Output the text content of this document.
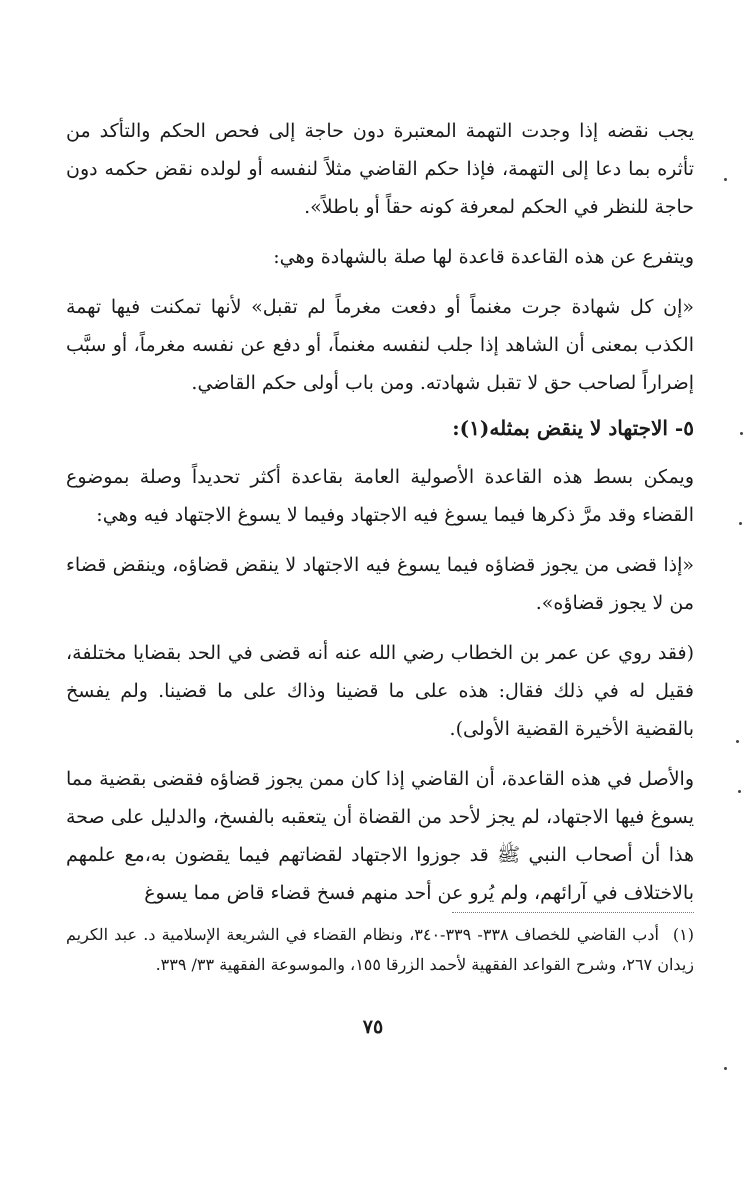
يجب نقضه إذا وجدت التهمة المعتبرة دون حاجة إلى فحص الحكم والتأكد من تأثره بما دعا إلى التهمة، فإذا حكم القاضي مثلاً لنفسه أو لولده نقض حكمه دون حاجة للنظر في الحكم لمعرفة كونه حقاً أو باطلاً».

ويتفرع عن هذه القاعدة قاعدة لها صلة بالشهادة وهي:

«إن كل شهادة جرت مغنماً أو دفعت مغرماً لم تقبل» لأنها تمكنت فيها تهمة الكذب بمعنى أن الشاهد إذا جلب لنفسه مغنماً، أو دفع عن نفسه مغرماً، أو سبَّب إضراراً لصاحب حق لا تقبل شهادته. ومن باب أولى حكم القاضي.

٥- الاجتهاد لا ينقض بمثله(١):

ويمكن بسط هذه القاعدة الأصولية العامة بقاعدة أكثر تحديداً وصلة بموضوع القضاء وقد مرَّ ذكرها فيما يسوغ فيه الاجتهاد وفيما لا يسوغ الاجتهاد فيه وهي:

«إذا قضى من يجوز قضاؤه فيما يسوغ فيه الاجتهاد لا ينقض قضاؤه، وينقض قضاء من لا يجوز قضاؤه».

(فقد روي عن عمر بن الخطاب رضي الله عنه أنه قضى في الحد بقضايا مختلفة، فقيل له في ذلك فقال: هذه على ما قضينا وذاك على ما قضينا. ولم يفسخ بالقضية الأخيرة القضية الأولى).

والأصل في هذه القاعدة، أن القاضي إذا كان ممن يجوز قضاؤه فقضى بقضية مما يسوغ فيها الاجتهاد، لم يجز لأحد من القضاة أن يتعقبه بالفسخ، والدليل على صحة هذا أن أصحاب النبي ﷺ قد جوزوا الاجتهاد لقضاتهم فيما يقضون به،مع علمهم بالاختلاف في آرائهم، ولم يُرو عن أحد منهم فسخ قضاء قاض مما يسوغ

(١)أدب القاضي للخصاف ٣٣٨- ٣٣٩-٣٤٠، ونظام القضاء في الشريعة الإسلامية د. عبد الكريم زيدان ٢٦٧، وشرح القواعد الفقهية لأحمد الزرقا ١٥٥، والموسوعة الفقهية ٣٣/ ٣٣٩.
٧٥
